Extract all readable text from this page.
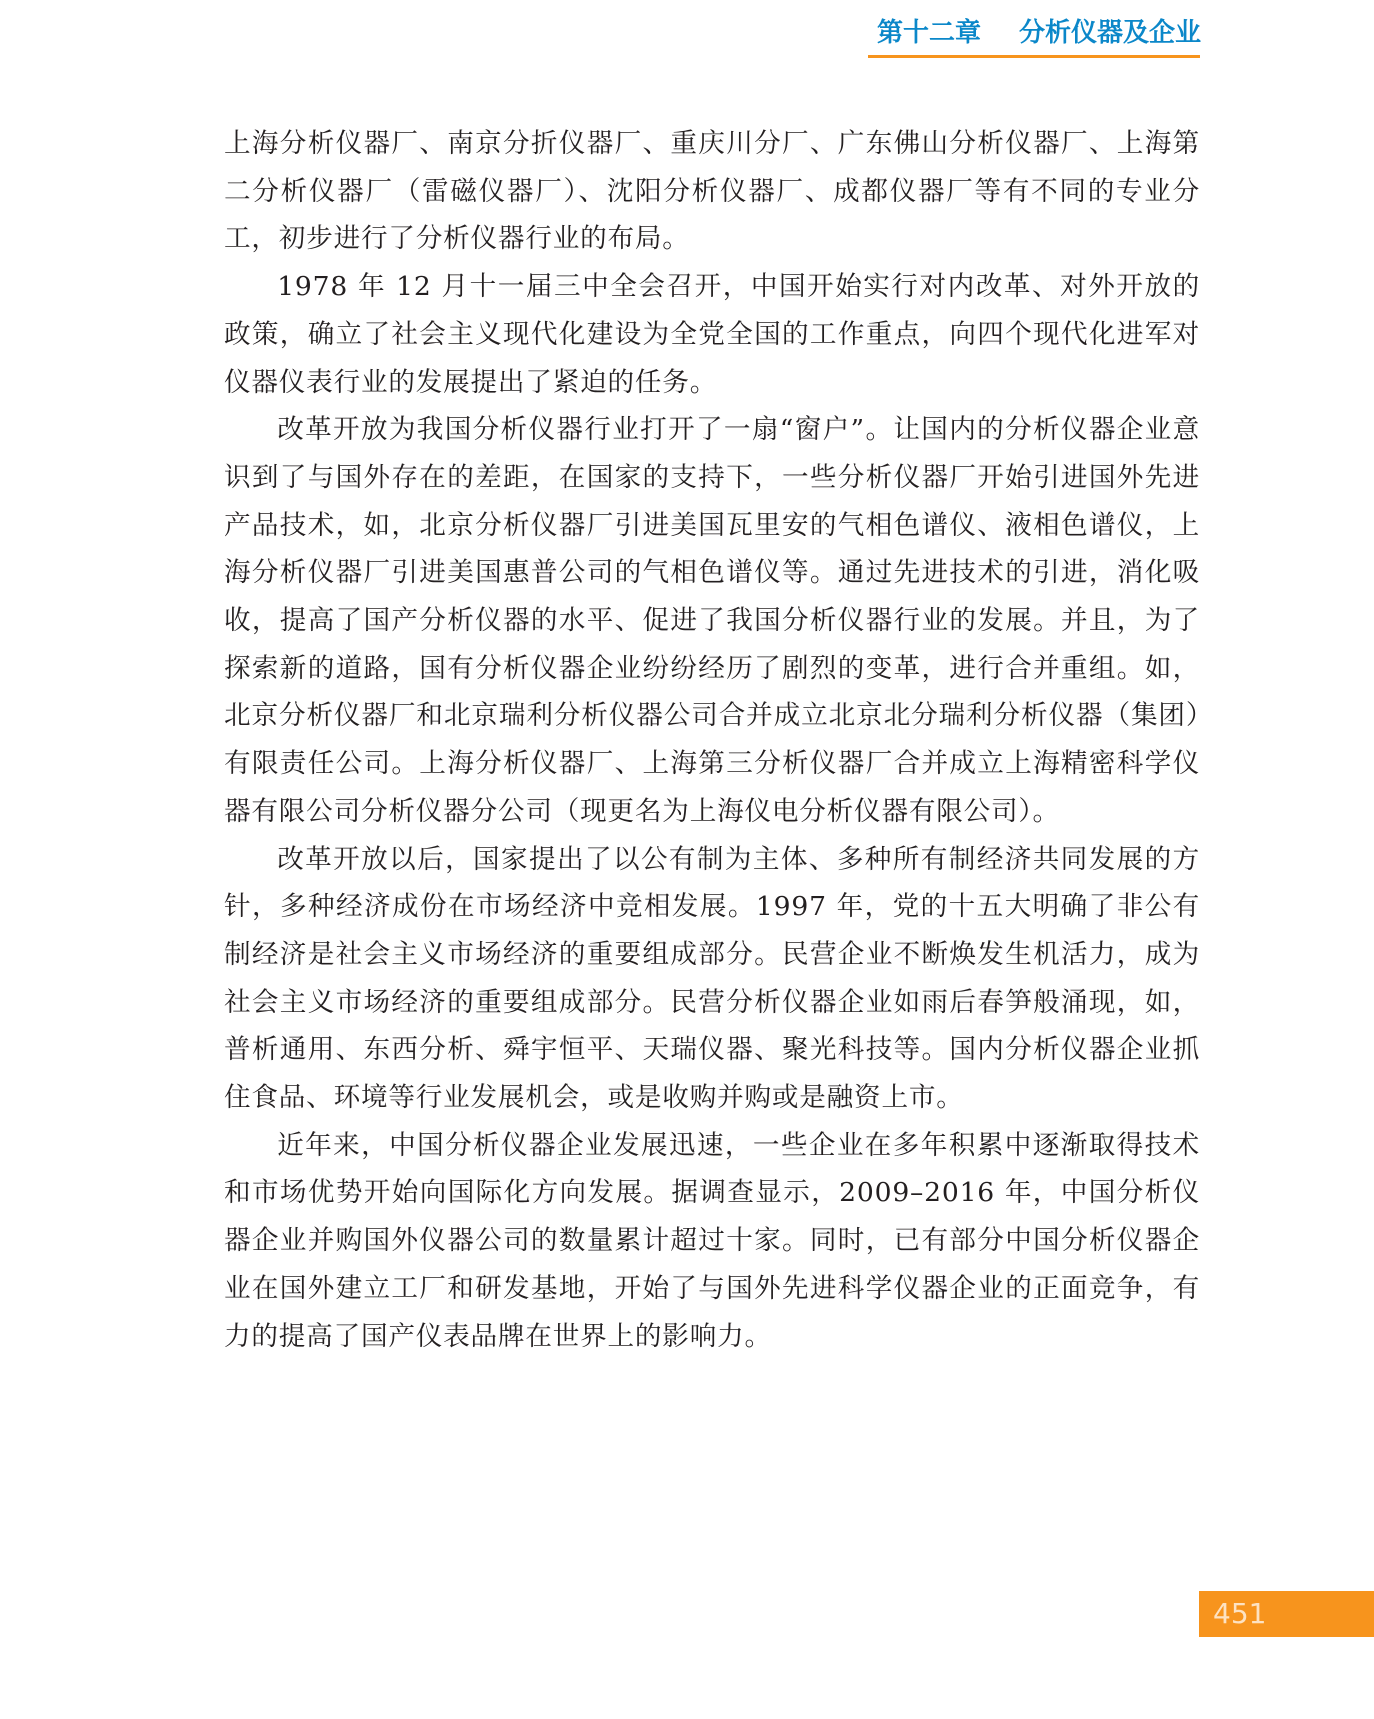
第十二章 分析仪器及企业

上海分析仪器厂、南京分折仪器厂、重庆川分厂、广东佛山分析仪器厂、上海第二分析仪器厂（雷磁仪器厂）、沈阳分析仪器厂、成都仪器厂等有不同的专业分工，初步进行了分析仪器行业的布局。

1978 年 12 月十一届三中全会召开，中国开始实行对内改革、对外开放的政策，确立了社会主义现代化建设为全党全国的工作重点，向四个现代化进军对仪器仪表行业的发展提出了紧迫的任务。

改革开放为我国分析仪器行业打开了一扇“窗户”。让国内的分析仪器企业意识到了与国外存在的差距，在国家的支持下，一些分析仪器厂开始引进国外先进产品技术，如，北京分析仪器厂引进美国瓦里安的气相色谱仪、液相色谱仪，上海分析仪器厂引进美国惠普公司的气相色谱仪等。通过先进技术的引进，消化吸收，提高了国产分析仪器的水平、促进了我国分析仪器行业的发展。并且，为了探索新的道路，国有分析仪器企业纷纷经历了剧烈的变革，进行合并重组。如，北京分析仪器厂和北京瑞利分析仪器公司合并成立北京北分瑞利分析仪器（集团）有限责任公司。上海分析仪器厂、上海第三分析仪器厂合并成立上海精密科学仪器有限公司分析仪器分公司（现更名为上海仪电分析仪器有限公司）。

改革开放以后，国家提出了以公有制为主体、多种所有制经济共同发展的方针，多种经济成份在市场经济中竞相发展。1997 年，党的十五大明确了非公有制经济是社会主义市场经济的重要组成部分。民营企业不断焕发生机活力，成为社会主义市场经济的重要组成部分。民营分析仪器企业如雨后春笋般涌现，如，普析通用、东西分析、舜宇恒平、天瑞仪器、聚光科技等。国内分析仪器企业抓住食品、环境等行业发展机会，或是收购并购或是融资上市。

近年来，中国分析仪器企业发展迅速，一些企业在多年积累中逐渐取得技术和市场优势开始向国际化方向发展。据调查显示，2009–2016 年，中国分析仪器企业并购国外仪器公司的数量累计超过十家。同时，已有部分中国分析仪器企业在国外建立工厂和研发基地，开始了与国外先进科学仪器企业的正面竞争，有力的提高了国产仪表品牌在世界上的影响力。

451
